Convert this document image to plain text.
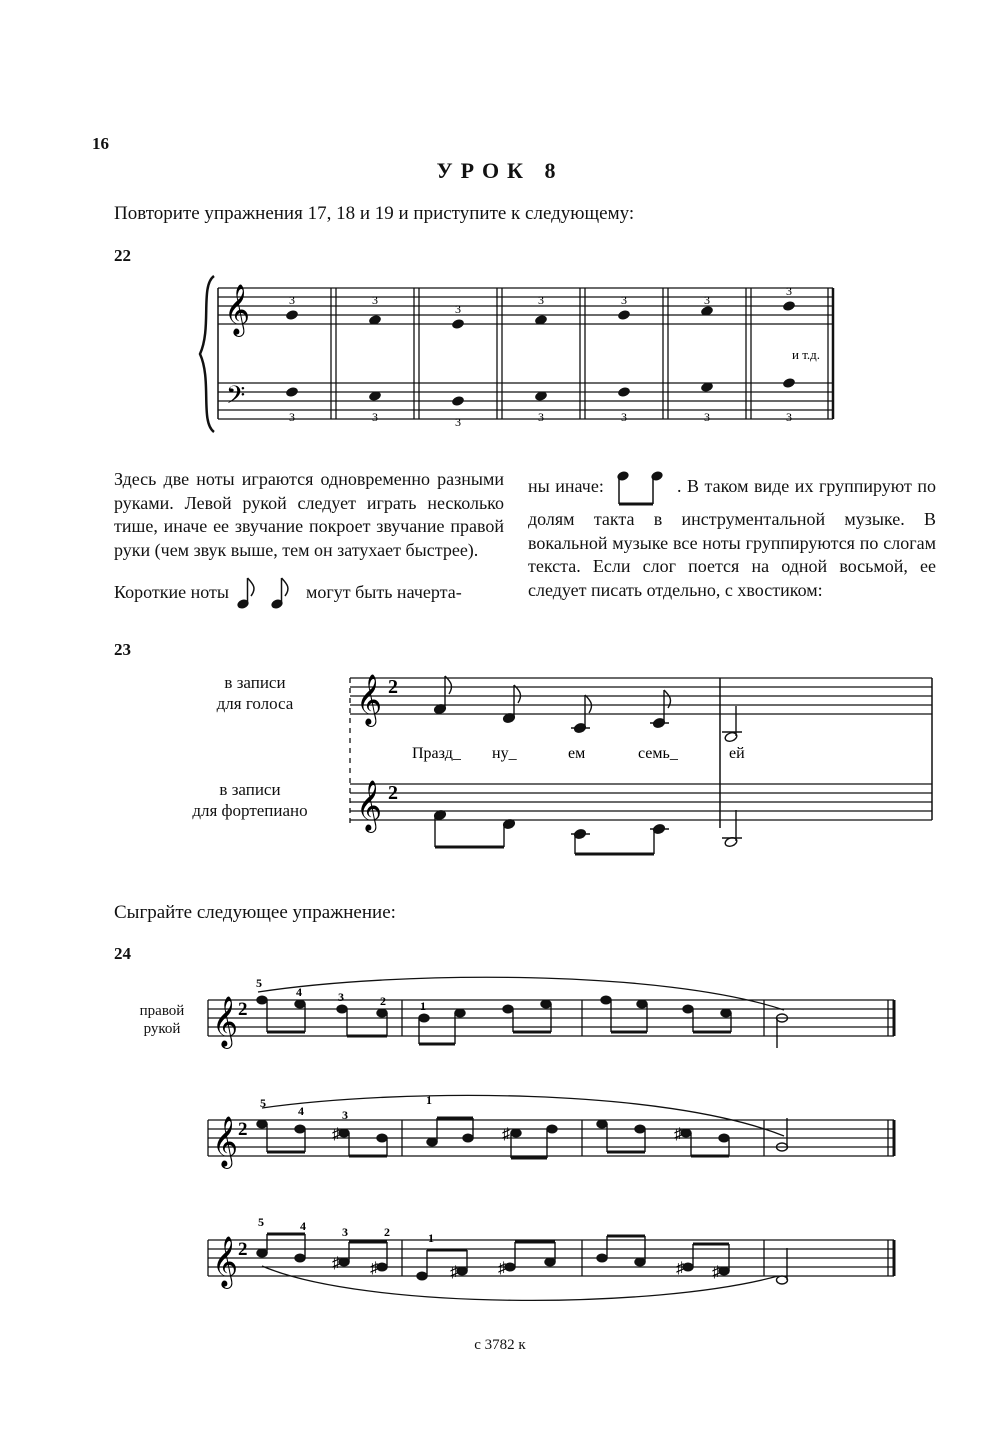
16
УРОК 8
Повторите упражнения 17, 18 и 19 и приступите к следующему:
22
𝄞
𝄢
3	3
3
3	3	3
3
3	3	3	3	3	3	3
и т.д.

Здесь две ноты играются одновременно разными руками. Левой рукой следует играть несколько тише, иначе ее звучание покроет звучание правой руки (чем звук выше, тем он затухает быстрее).

Короткие ноты	могут быть начерта-

ны иначе:	. В таком виде их группируют по долям такта в инструментальной музыке. В вокальной музыке все ноты группируются по слогам текста. Если слог поется на одной восьмой, ее следует писать отдельно, с хвостиком:
23
в записи
для голоса
в записи
для фортепиано
𝄞
𝄞
2
2
Празд_ ну_	ем	семь_	ей
Сыграйте следующее упражнение:
24
правой
рукой 𝄞 2
5
4	3	2	1
𝄞 2	♯	♯	♯
5
4	3
1
𝄞 2
♯ ♯	♯	♯	♯ ♯
5	4	3	2	1
с 3782 к
